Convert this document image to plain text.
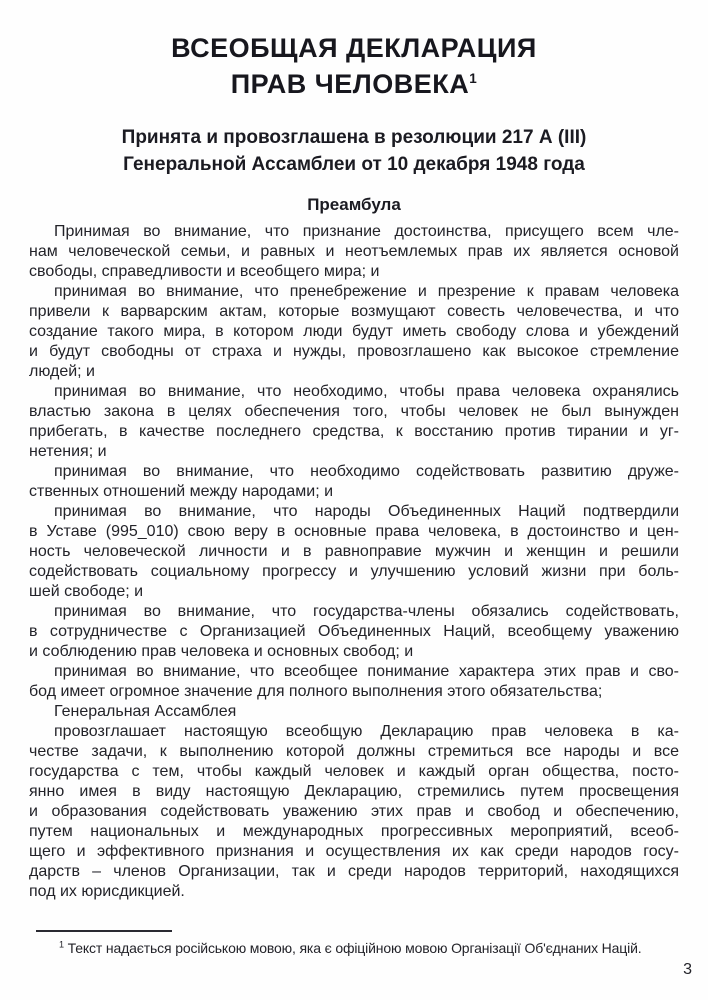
ВСЕОБЩАЯ ДЕКЛАРАЦИЯ
ПРАВ ЧЕЛОВЕКА$^1$
Принята и провозглашена в резолюции 217 А (III)
Генеральной Ассамблеи от 10 декабря 1948 года
Преамбула
Принимая во внимание, что признание достоинства, присущего всем чле-
нам человеческой семьи, и равных и неотъемлемых прав их является основой
свободы, справедливости и всеобщего мира; и
принимая во внимание, что пренебрежение и презрение к правам человека
привели к варварским актам, которые возмущают совесть человечества, и что
создание такого мира, в котором люди будут иметь свободу слова и убеждений
и будут свободны от страха и нужды, провозглашено как высокое стремление
людей; и
принимая во внимание, что необходимо, чтобы права человека охранялись
властью закона в целях обеспечения того, чтобы человек не был вынужден
прибегать, в качестве последнего средства, к восстанию против тирании и уг-
нетения; и
принимая во внимание, что необходимо содействовать развитию друже-
ственных отношений между народами; и
принимая во внимание, что народы Объединенных Наций подтвердили
в Уставе (995_010) свою веру в основные права человека, в достоинство и цен-
ность человеческой личности и в равноправие мужчин и женщин и решили
содействовать социальному прогрессу и улучшению условий жизни при боль-
шей свободе; и
принимая во внимание, что государства-члены обязались содействовать,
в сотрудничестве с Организацией Объединенных Наций, всеобщему уважению
и соблюдению прав человека и основных свобод; и
принимая во внимание, что всеобщее понимание характера этих прав и сво-
бод имеет огромное значение для полного выполнения этого обязательства;
Генеральная Ассамблея
провозглашает настоящую всеобщую Декларацию прав человека в ка-
честве задачи, к выполнению которой должны стремиться все народы и все
государства с тем, чтобы каждый человек и каждый орган общества, посто-
янно имея в виду настоящую Декларацию, стремились путем просвещения
и образования содействовать уважению этих прав и свобод и обеспечению,
путем национальных и международных прогрессивных мероприятий, всеоб-
щего и эффективного признания и осуществления их как среди народов госу-
дарств – членов Организации, так и среди народов территорий, находящихся
под их юрисдикцией.
$^1$ Текст надається російською мовою, яка є офіційною мовою Організації Об'єднаних Націй.
3
